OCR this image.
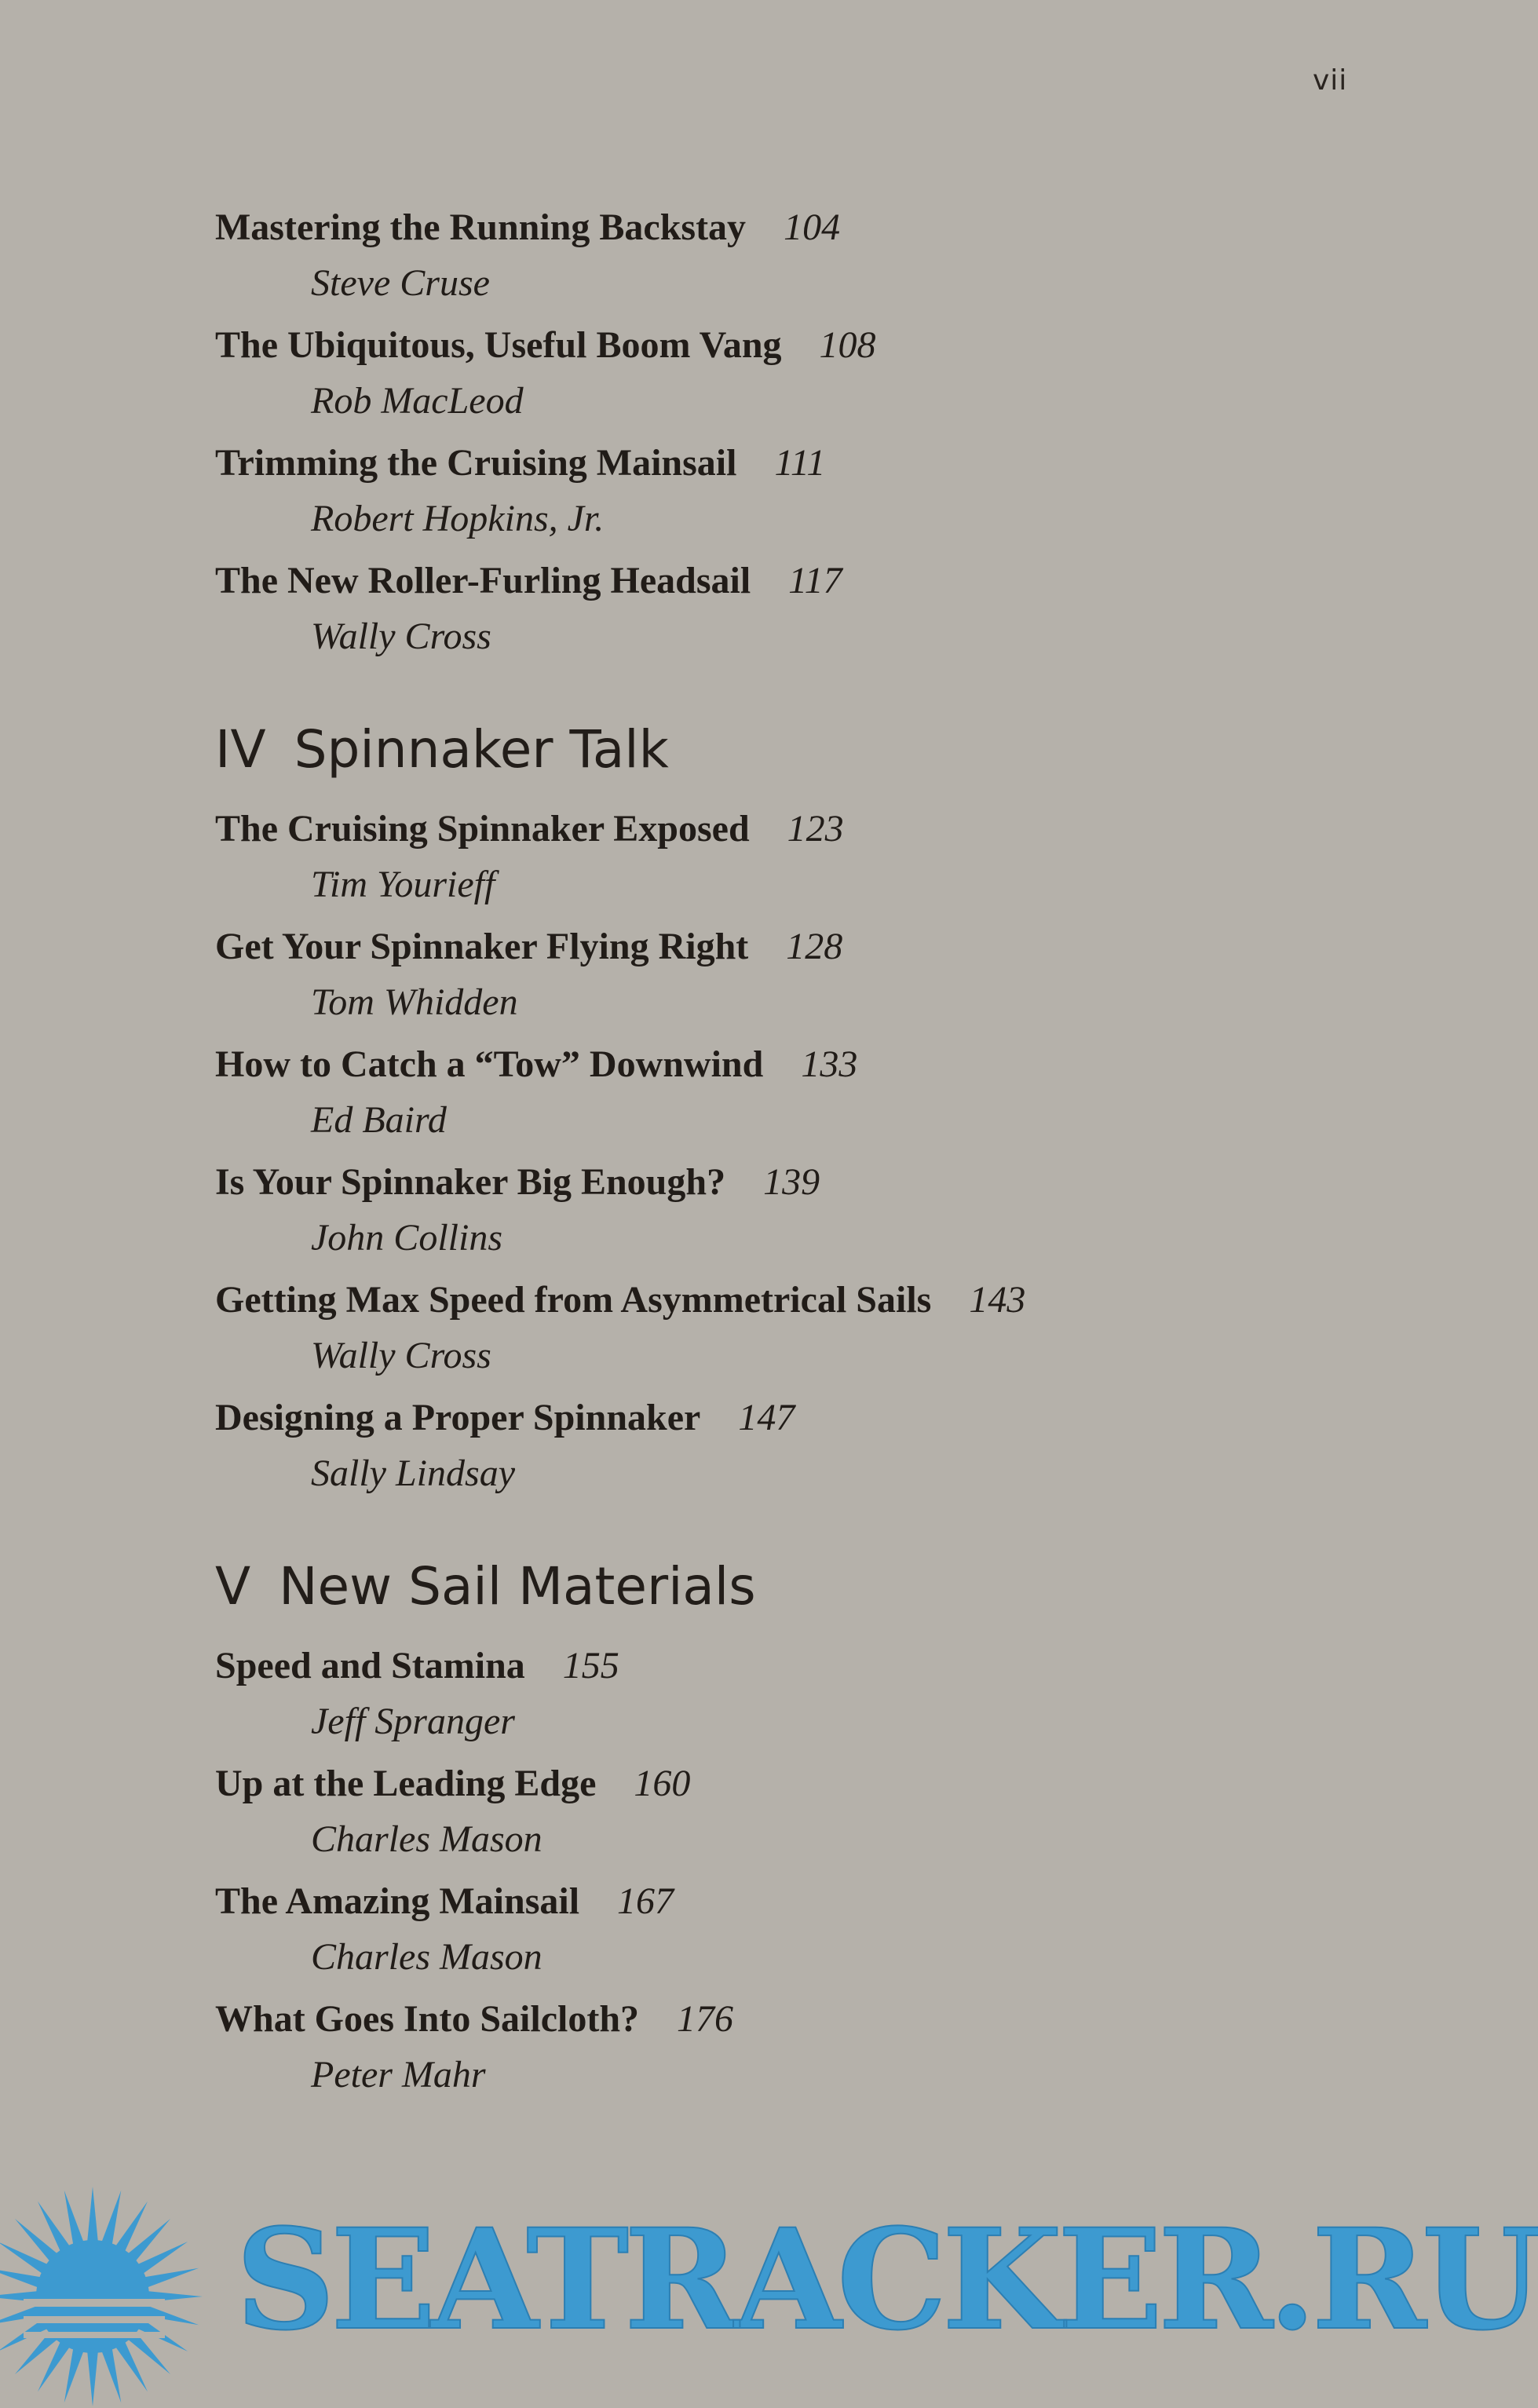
vii
Mastering the Running Backstay 104
Steve Cruse
The Ubiquitous, Useful Boom Vang 108
Rob MacLeod
Trimming the Cruising Mainsail 111
Robert Hopkins, Jr.
The New Roller-Furling Headsail 117
Wally Cross
IV Spinnaker Talk
The Cruising Spinnaker Exposed 123
Tim Yourieff
Get Your Spinnaker Flying Right 128
Tom Whidden
How to Catch a “Tow” Downwind 133
Ed Baird
Is Your Spinnaker Big Enough? 139
John Collins
Getting Max Speed from Asymmetrical Sails 143
Wally Cross
Designing a Proper Spinnaker 147
Sally Lindsay
V New Sail Materials
Speed and Stamina 155
Jeff Spranger
Up at the Leading Edge 160
Charles Mason
The Amazing Mainsail 167
Charles Mason
What Goes Into Sailcloth? 176
Peter Mahr
SEATRACKER.RU
